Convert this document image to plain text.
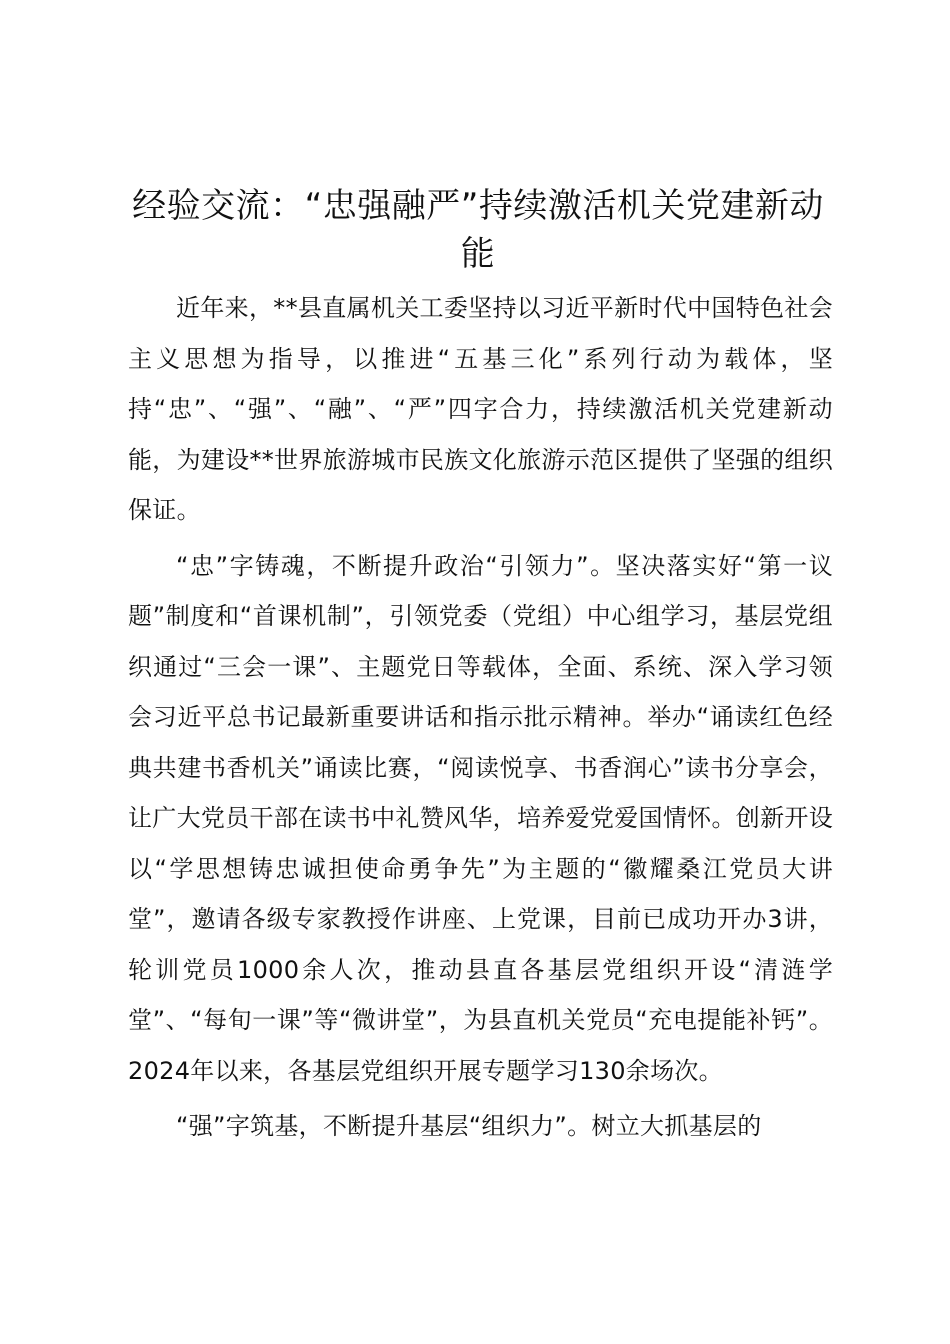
经验交流：“忠强融严”持续激活机关党建新动能

近年来，**县直属机关工委坚持以习近平新时代中国特色社会主义思想为指导，以推进“五基三化”系列行动为载体，坚持“忠”、“强”、“融”、“严”四字合力，持续激活机关党建新动能，为建设**世界旅游城市民族文化旅游示范区提供了坚强的组织保证。

“忠”字铸魂，不断提升政治“引领力”。坚决落实好“第一议题”制度和“首课机制”，引领党委（党组）中心组学习，基层党组织通过“三会一课”、主题党日等载体，全面、系统、深入学习领会习近平总书记最新重要讲话和指示批示精神。举办“诵读红色经典共建书香机关”诵读比赛，“阅读悦享、书香润心”读书分享会，让广大党员干部在读书中礼赞风华，培养爱党爱国情怀。创新开设以“学思想铸忠诚担使命勇争先”为主题的“徽耀桑江党员大讲堂”，邀请各级专家教授作讲座、上党课，目前已成功开办3讲，轮训党员1000余人次，推动县直各基层党组织开设“清涟学堂”、“每旬一课”等“微讲堂”，为县直机关党员“充电提能补钙”。2024年以来，各基层党组织开展专题学习130余场次。

“强”字筑基，不断提升基层“组织力”。树立大抓基层的
